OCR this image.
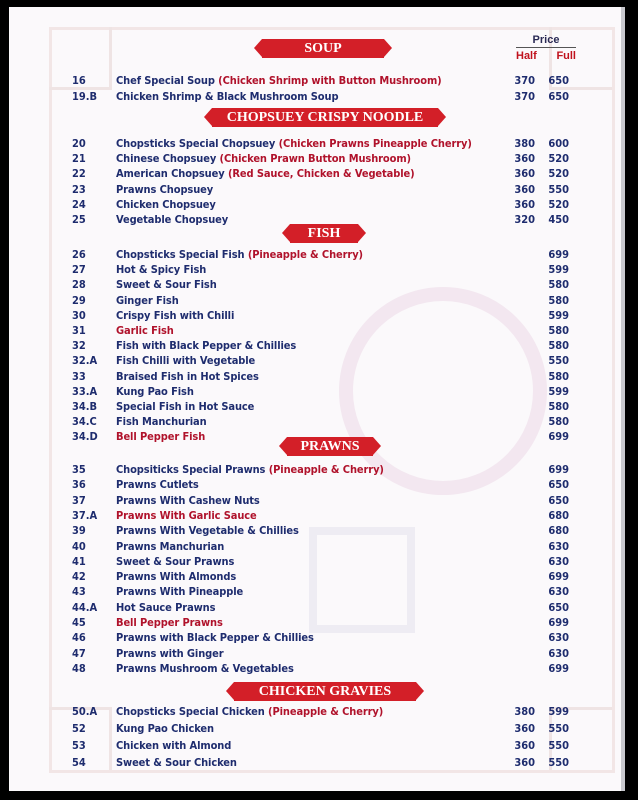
Price
Half Full
SOUP
16	Chef Special Soup (Chicken Shrimp with Button Mushroom)	370	650
19.B Chicken Shrimp & Black Mushroom Soup	370	650
CHOPSUEY CRISPY NOODLE
20	Chopsticks Special Chopsuey (Chicken Prawns Pineapple Cherry)	380	600
21	Chinese Chopsuey (Chicken Prawn Button Mushroom)	360	520
22	American Chopsuey (Red Sauce, Chicken & Vegetable)	360	520
23	Prawns Chopsuey	360	550
24	Chicken Chopsuey	360	520
25	Vegetable Chopsuey	320	450
FISH
26	Chopsticks Special Fish (Pineapple & Cherry)	699
27	Hot & Spicy Fish	599
28	Sweet & Sour Fish	580
29	Ginger Fish	580
30	Crispy Fish with Chilli	599
31	Garlic Fish	580
32	Fish with Black Pepper & Chillies	580
32.A Fish Chilli with Vegetable	550
33	Braised Fish in Hot Spices	580
33.A Kung Pao Fish	599
34.B Special Fish in Hot Sauce	580
34.C Fish Manchurian	580
34.D Bell Pepper Fish	699
PRAWNS
35	Chopsiticks Special Prawns (Pineapple & Cherry)	699
36	Prawns Cutlets	650
37	Prawns With Cashew Nuts	650
37.A Prawns With Garlic Sauce	680
39	Prawns With Vegetable & Chillies	680
40	Prawns Manchurian	630
41	Sweet & Sour Prawns	630
42	Prawns With Almonds	699
43	Prawns With Pineapple	630
44.A Hot Sauce Prawns	650
45	Bell Pepper Prawns	699
46	Prawns with Black Pepper & Chillies	630
47	Prawns with Ginger	630
48	Prawns Mushroom & Vegetables	699
CHICKEN GRAVIES
50.A Chopsticks Special Chicken (Pineapple & Cherry)	380	599
52	Kung Pao Chicken	360	550
53	Chicken with Almond	360	550
54	Sweet & Sour Chicken	360	550
